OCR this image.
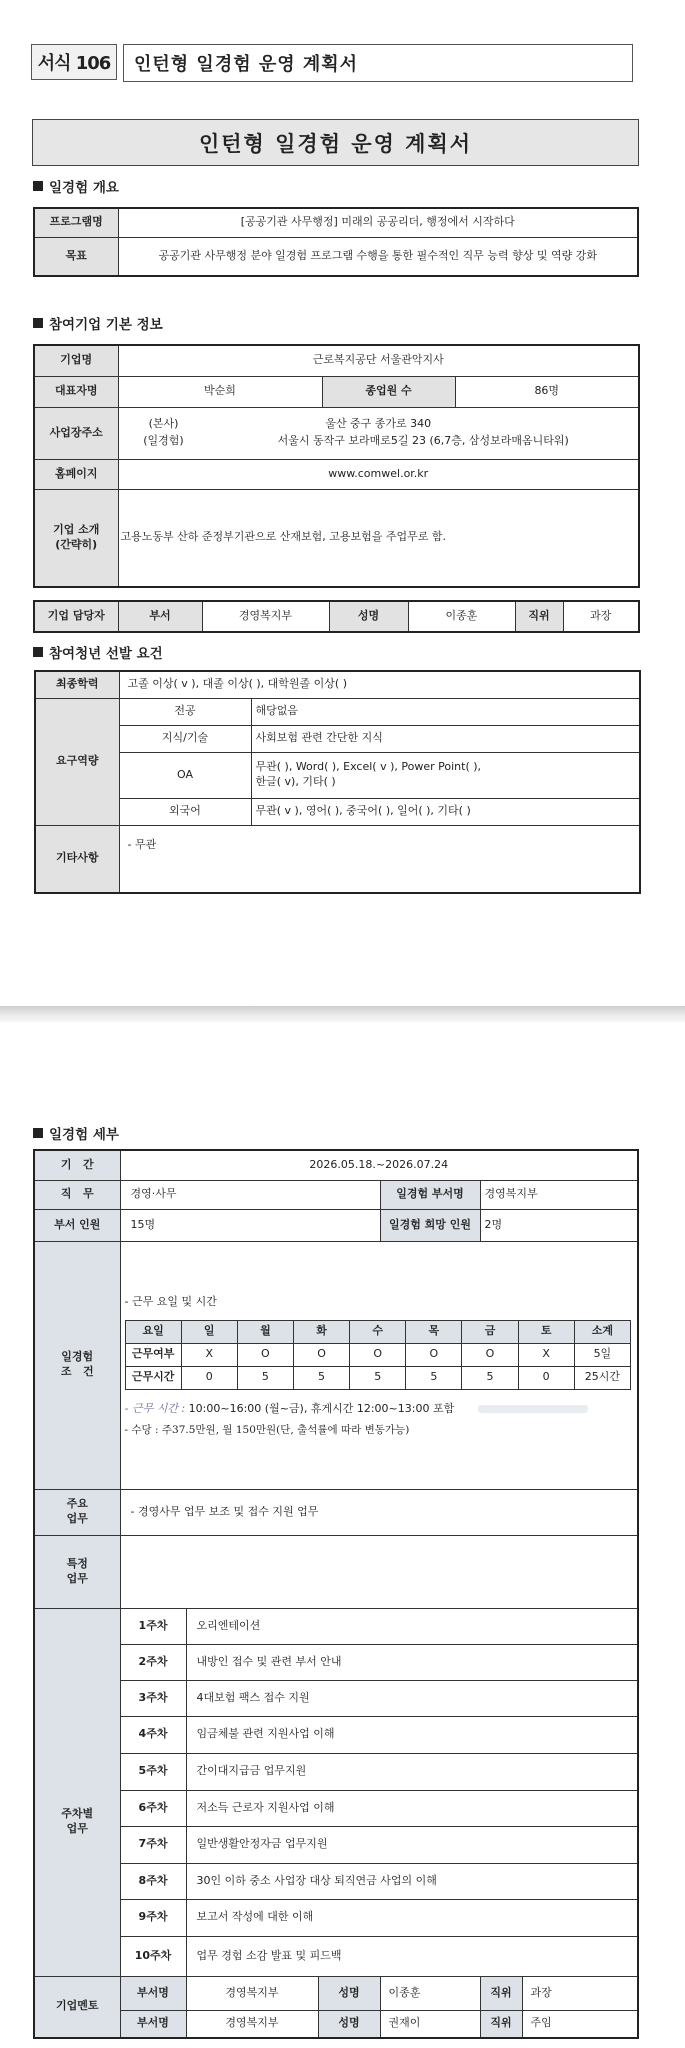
서식 106	인턴형 일경험 운영 계획서
인턴형 일경험 운영 계획서
일경험 개요
프로그램명	[공공기관 사무행정] 미래의 공공리더, 행정에서 시작하다
목표	공공기관 사무행정 분야 일경험 프로그램 수행을 통한 필수적인 직무 능력 향상 및 역량 강화
참여기업 기본 정보
기업명	근로복지공단 서울관악지사		
대표자명	박순희	종업원 수	86명
사업장주소	(본사) 울산 중구 종가로 340
(일경험) 서울시 동작구 보라매로5길 23 (6,7층, 삼성보라매옴니타워)		

홈페이지	www.comwel.or.kr		

기업 소개
(간략히)	고용노동부 산하 준정부기관으로 산재보험, 고용보험을 주업무로 함.		
기업 담당자	부서	경영복지부	성명	이종훈	직위	과장
참여청년 선발 요건
최종학력	고졸 이상( v ), 대졸 이상( ), 대학원졸 이상( )	
요구역량	전공	해당없음
	지식/기술	사회보험 관련 간단한 지식
	OA	무관( ), Word( ), Excel( v ), Power Point( ),
한글( v), 기타( )

	외국어	무관( v ), 영어( ), 중국어( ), 일어( ), 기타( )
기타사항	- 무관	
일경험 세부
기   간	2026.05.18.~2026.07.24
직   무	경영·사무	일경험 부서명	경영복지부
부서 인원	15명	일경험 희망 인원	2명

일경험
조   건

- 근무 요일 및 시간
요일	일	월	화	수	목	금	토	소계
근무여부	X	O	O	O	O	O	X	5일
근무시간	0	5	5	5	5	5	0	25시간
- 근무 시간 : 10:00~16:00 (월~금), 휴게시간 12:00~13:00 포함
- 수당 : 주37.5만원, 월 150만원(단, 출석률에 따라 변동가능)

주요
업무
	- 경영사무 업무 보조 및 접수 지원 업무

특정
업무

주차별
업무
	1주차	오리엔테이션
2주차	내방인 접수 및 관련 부서 안내
3주차	4대보험 팩스 접수 지원
4주차	임금체불 관련 지원사업 이해
5주차	간이대지급금 업무지원
6주차	저소득 근로자 지원사업 이해
7주차	일반생활안정자금 업무지원
8주차	30인 이하 중소 사업장 대상 퇴직연금 사업의 이해
9주차	보고서 작성에 대한 이해
10주차	업무 경험 소감 발표 및 피드백
기업멘토	부서명	경영복지부	성명	이종훈	직위	과장
부서명	경영복지부	성명	권재이	직위	주임
